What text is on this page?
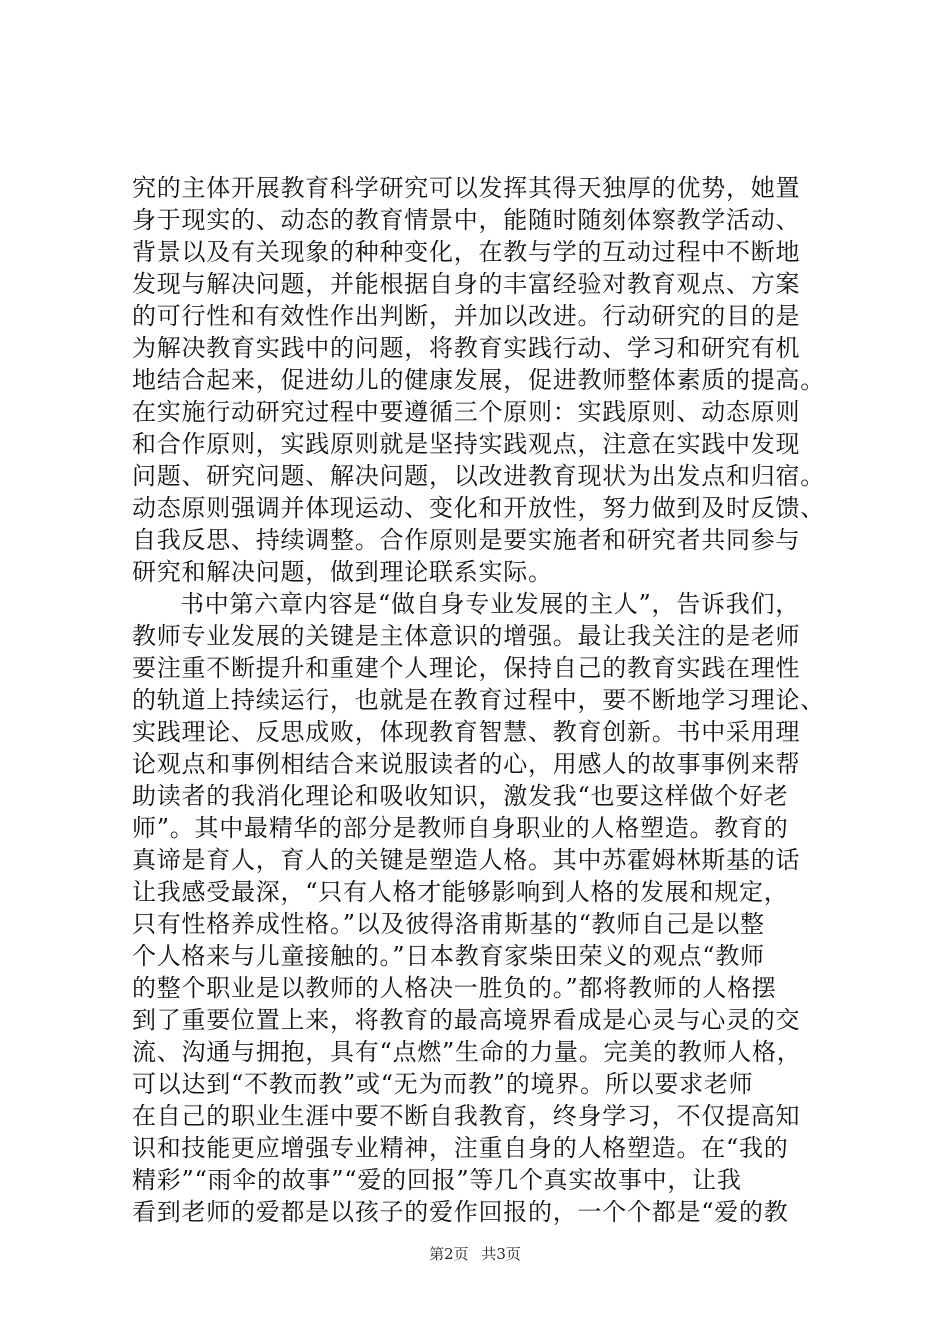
究的主体开展教育科学研究可以发挥其得天独厚的优势，她置
身于现实的、动态的教育情景中，能随时随刻体察教学活动、
背景以及有关现象的种种变化，在教与学的互动过程中不断地
发现与解决问题，并能根据自身的丰富经验对教育观点、方案
的可行性和有效性作出判断，并加以改进。行动研究的目的是
为解决教育实践中的问题，将教育实践行动、学习和研究有机
地结合起来，促进幼儿的健康发展，促进教师整体素质的提高。
在实施行动研究过程中要遵循三个原则：实践原则、动态原则
和合作原则，实践原则就是坚持实践观点，注意在实践中发现
问题、研究问题、解决问题，以改进教育现状为出发点和归宿。
动态原则强调并体现运动、变化和开放性，努力做到及时反馈、
自我反思、持续调整。合作原则是要实施者和研究者共同参与
研究和解决问题，做到理论联系实际。
书中第六章内容是“做自身专业发展的主人”，告诉我们，
教师专业发展的关键是主体意识的增强。最让我关注的是老师
要注重不断提升和重建个人理论，保持自己的教育实践在理性
的轨道上持续运行，也就是在教育过程中，要不断地学习理论、
实践理论、反思成败，体现教育智慧、教育创新。书中采用理
论观点和事例相结合来说服读者的心，用感人的故事事例来帮
助读者的我消化理论和吸收知识，激发我“也要这样做个好老
师”。其中最精华的部分是教师自身职业的人格塑造。教育的
真谛是育人，育人的关键是塑造人格。其中苏霍姆林斯基的话
让我感受最深，“只有人格才能够影响到人格的发展和规定，
只有性格养成性格。”以及彼得洛甫斯基的“教师自己是以整
个人格来与儿童接触的。”日本教育家柴田荣义的观点“教师
的整个职业是以教师的人格决一胜负的。”都将教师的人格摆
到了重要位置上来，将教育的最高境界看成是心灵与心灵的交
流、沟通与拥抱，具有“点燃”生命的力量。完美的教师人格，
可以达到“不教而教”或“无为而教”的境界。所以要求老师
在自己的职业生涯中要不断自我教育，终身学习，不仅提高知
识和技能更应增强专业精神，注重自身的人格塑造。在“我的
精彩”“雨伞的故事”“爱的回报”等几个真实故事中，让我
看到老师的爱都是以孩子的爱作回报的，一个个都是“爱的教
第2页 共3页
